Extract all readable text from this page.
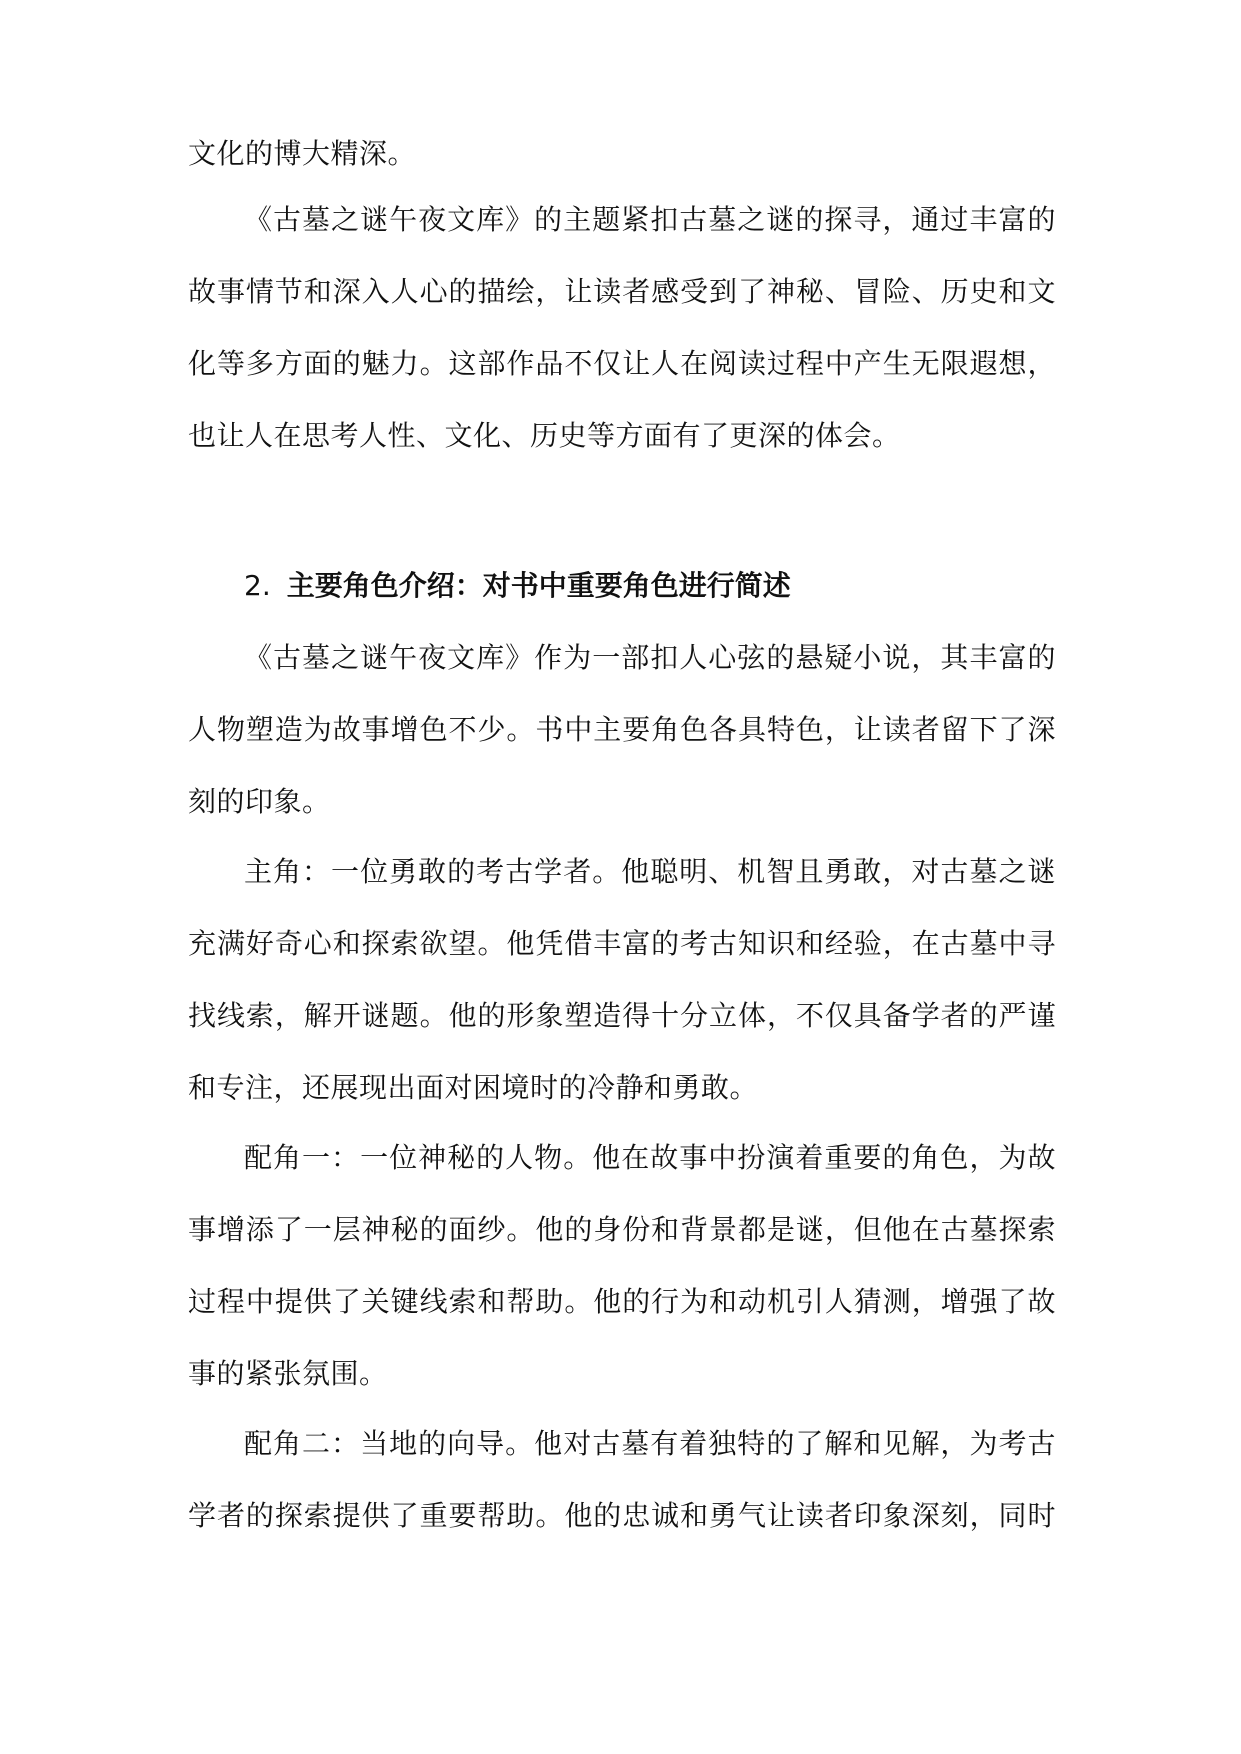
文化的博大精深。
《古墓之谜午夜文库》的主题紧扣古墓之谜的探寻，通过丰富的
故事情节和深入人心的描绘，让读者感受到了神秘、冒险、历史和文
化等多方面的魅力。这部作品不仅让人在阅读过程中产生无限遐想，
也让人在思考人性、文化、历史等方面有了更深的体会。
2. 主要角色介绍：对书中重要角色进行简述
《古墓之谜午夜文库》作为一部扣人心弦的悬疑小说，其丰富的
人物塑造为故事增色不少。书中主要角色各具特色，让读者留下了深
刻的印象。
主角：一位勇敢的考古学者。他聪明、机智且勇敢，对古墓之谜
充满好奇心和探索欲望。他凭借丰富的考古知识和经验，在古墓中寻
找线索，解开谜题。他的形象塑造得十分立体，不仅具备学者的严谨
和专注，还展现出面对困境时的冷静和勇敢。
配角一：一位神秘的人物。他在故事中扮演着重要的角色，为故
事增添了一层神秘的面纱。他的身份和背景都是谜，但他在古墓探索
过程中提供了关键线索和帮助。他的行为和动机引人猜测，增强了故
事的紧张氛围。
配角二：当地的向导。他对古墓有着独特的了解和见解，为考古
学者的探索提供了重要帮助。他的忠诚和勇气让读者印象深刻，同时
